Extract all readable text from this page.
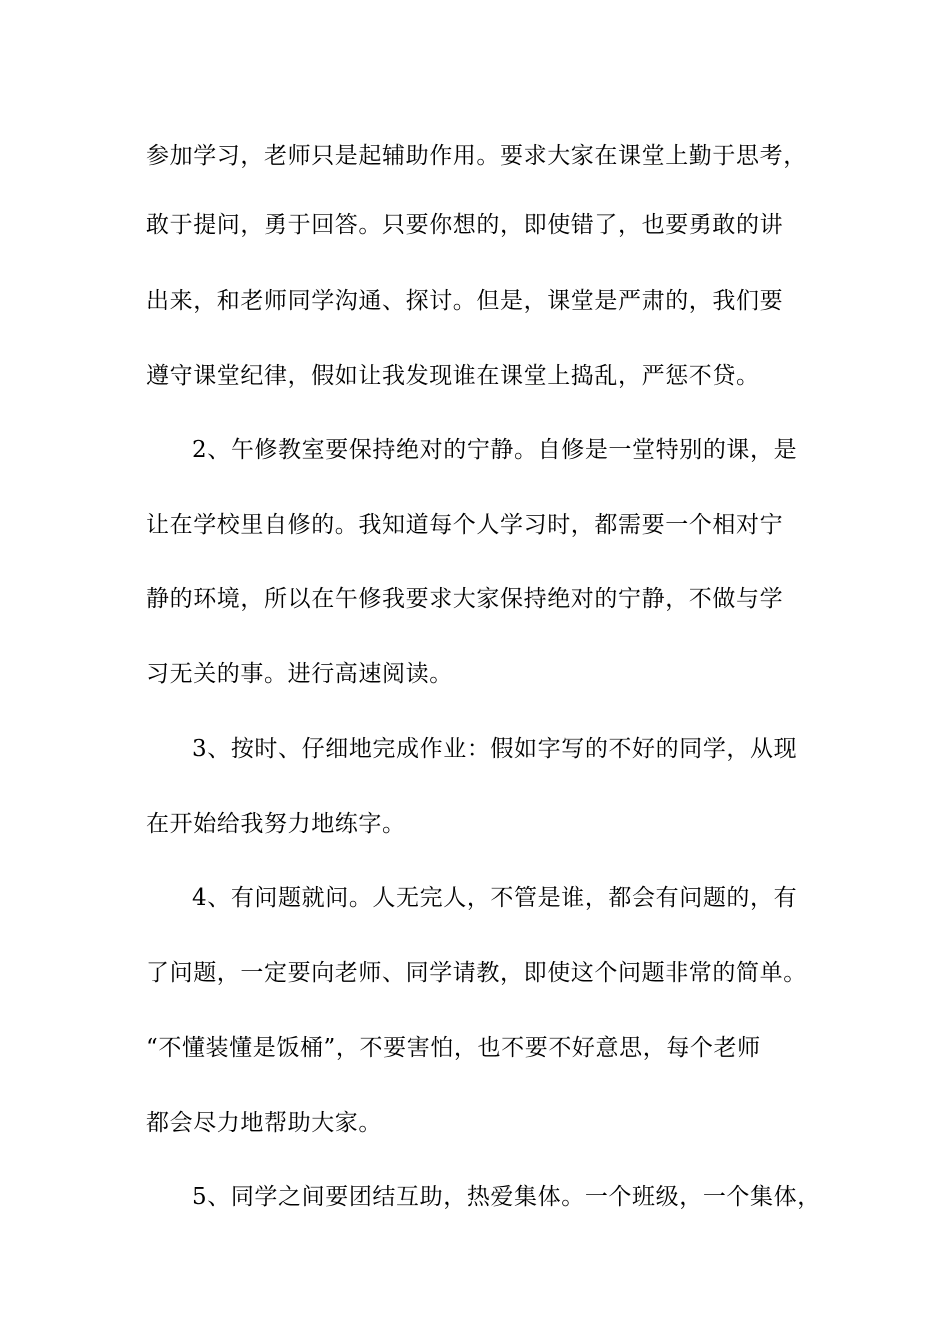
参加学习，老师只是起辅助作用。要求大家在课堂上勤于思考，
敢于提问，勇于回答。只要你想的，即使错了，也要勇敢的讲
出来，和老师同学沟通、探讨。但是，课堂是严肃的，我们要
遵守课堂纪律，假如让我发现谁在课堂上捣乱，严惩不贷。
2、午修教室要保持绝对的宁静。自修是一堂特别的课，是
让在学校里自修的。我知道每个人学习时，都需要一个相对宁
静的环境，所以在午修我要求大家保持绝对的宁静，不做与学
习无关的事。进行高速阅读。
3、按时、仔细地完成作业：假如字写的不好的同学，从现
在开始给我努力地练字。
4、有问题就问。人无完人，不管是谁，都会有问题的，有
了问题，一定要向老师、同学请教，即使这个问题非常的简单。
“不懂装懂是饭桶”，不要害怕，也不要不好意思，每个老师
都会尽力地帮助大家。
5、同学之间要团结互助，热爱集体。一个班级，一个集体，
